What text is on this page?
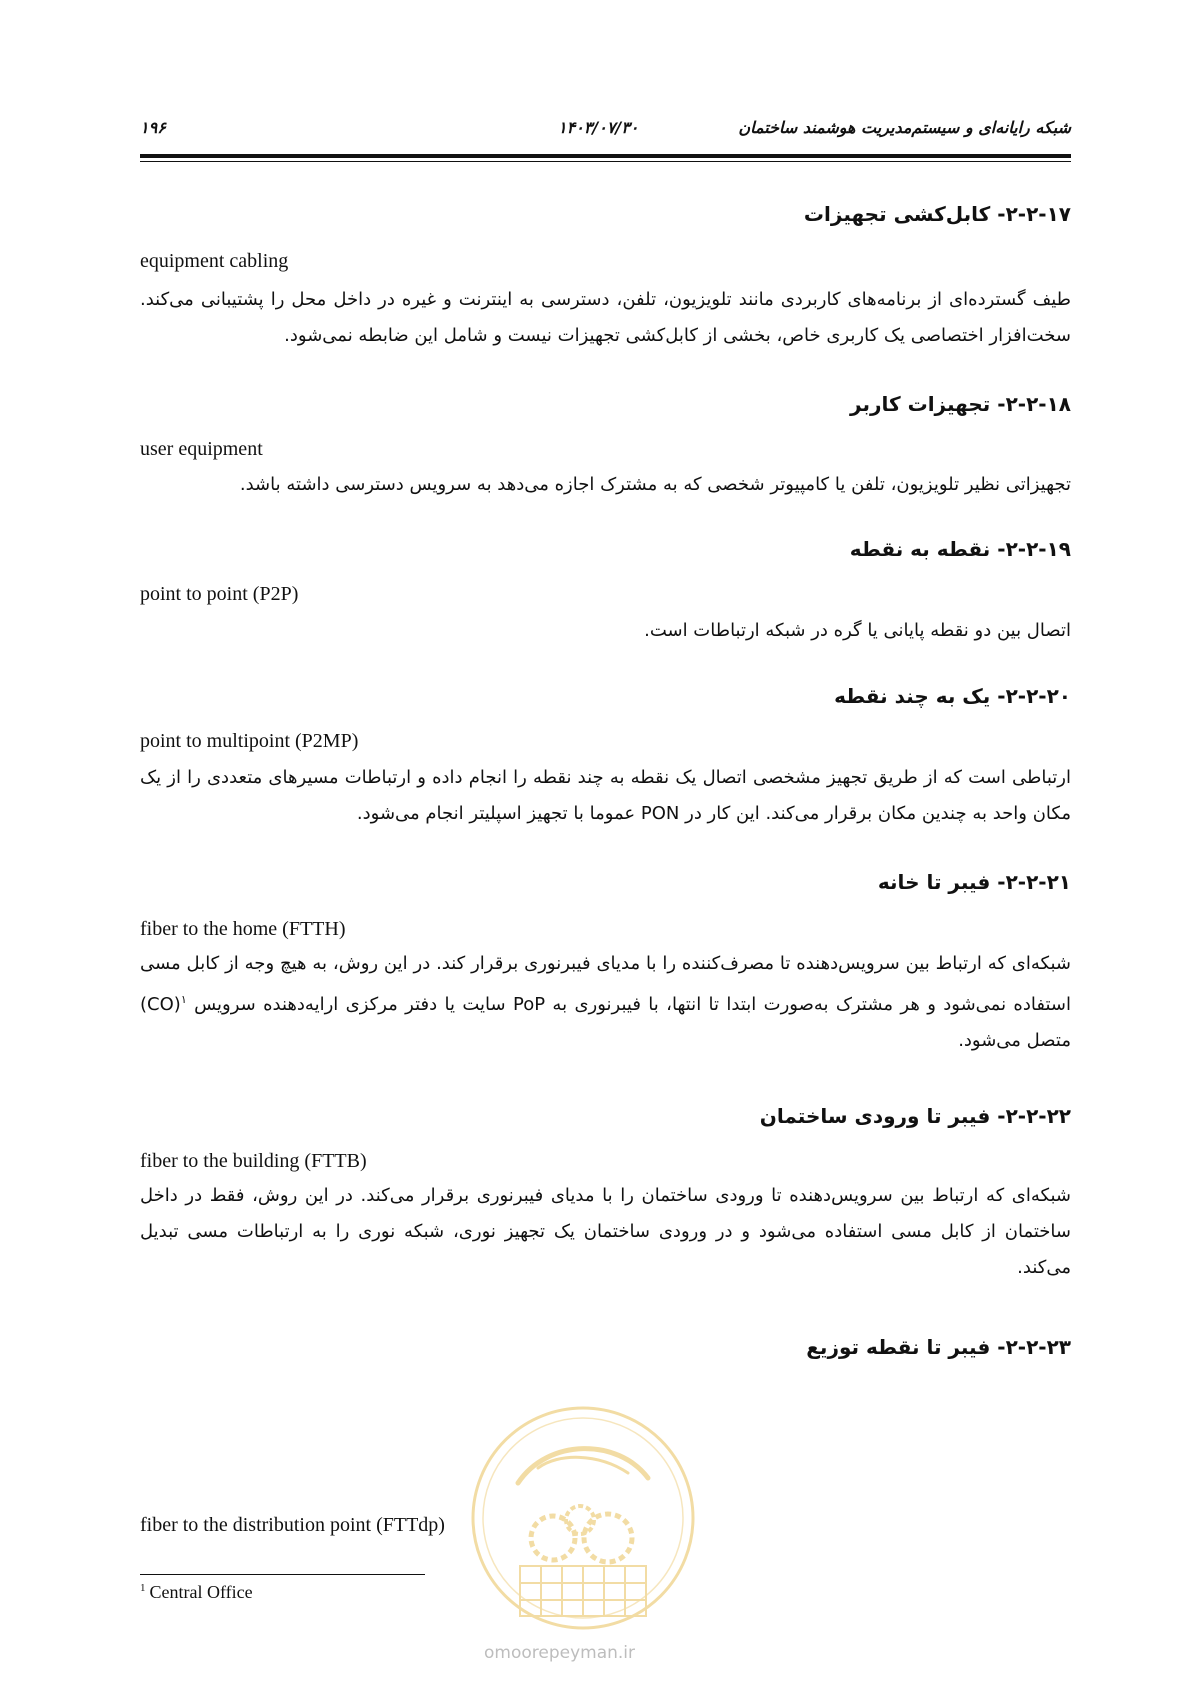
شبکه رایانه‌ای و سیستم‌مدیریت هوشمند ساختمان
۱۴۰۳/۰۷/۳۰
۱۹۶
۲-۲-۱۷- کابل‌کشی تجهیزات
equipment cabling

طیف گسترده‌ای از برنامه‌های کاربردی مانند تلویزیون، تلفن، دسترسی به اینترنت و غیره در داخل محل را پشتیبانی می‌کند. سخت‌افزار اختصاصی یک کاربری خاص، بخشی از کابل‌کشی تجهیزات نیست و شامل این ضابطه نمی‌شود.

۲-۲-۱۸- تجهیزات کاربر
user equipment

تجهیزاتی نظیر تلویزیون، تلفن یا کامپیوتر شخصی که به مشترک اجازه می‌دهد به سرویس دسترسی داشته باشد.

۲-۲-۱۹- نقطه به نقطه
point to point (P2P)

اتصال بین دو نقطه پایانی یا گره در شبکه ارتباطات است.

۲-۲-۲۰- یک به چند نقطه
point to multipoint (P2MP)

ارتباطی است که از طریق تجهیز مشخصی اتصال یک نقطه به چند نقطه را انجام داده و ارتباطات مسیرهای متعددی را از یک مکان واحد به چندین مکان برقرار می‌کند. این کار در PON عموما با تجهیز اسپلیتر انجام می‌شود.

۲-۲-۲۱- فیبر تا خانه
fiber to the home (FTTH)

شبکه‌ای که ارتباط بین سرویس‌دهنده تا مصرف‌کننده را با مدیای فیبرنوری برقرار کند. در این روش، به هیچ وجه از کابل مسی استفاده نمی‌شود و هر مشترک به‌صورت ابتدا تا انتها، با فیبرنوری به PoP سایت یا دفتر مرکزی ارایه‌دهنده سرویس $^۱$(CO) متصل می‌شود.

۲-۲-۲۲- فیبر تا ورودی ساختمان
fiber to the building (FTTB)

شبکه‌ای که ارتباط بین سرویس‌دهنده تا ورودی ساختمان را با مدیای فیبرنوری برقرار می‌کند. در این روش، فقط در داخل ساختمان از کابل مسی استفاده می‌شود و در ورودی ساختمان یک تجهیز نوری، شبکه نوری را به ارتباطات مسی تبدیل می‌کند.

۲-۲-۲۳- فیبر تا نقطه توزیع
fiber to the distribution point (FTTdp)
omoorepeyman.ir
$^1$ Central Office
